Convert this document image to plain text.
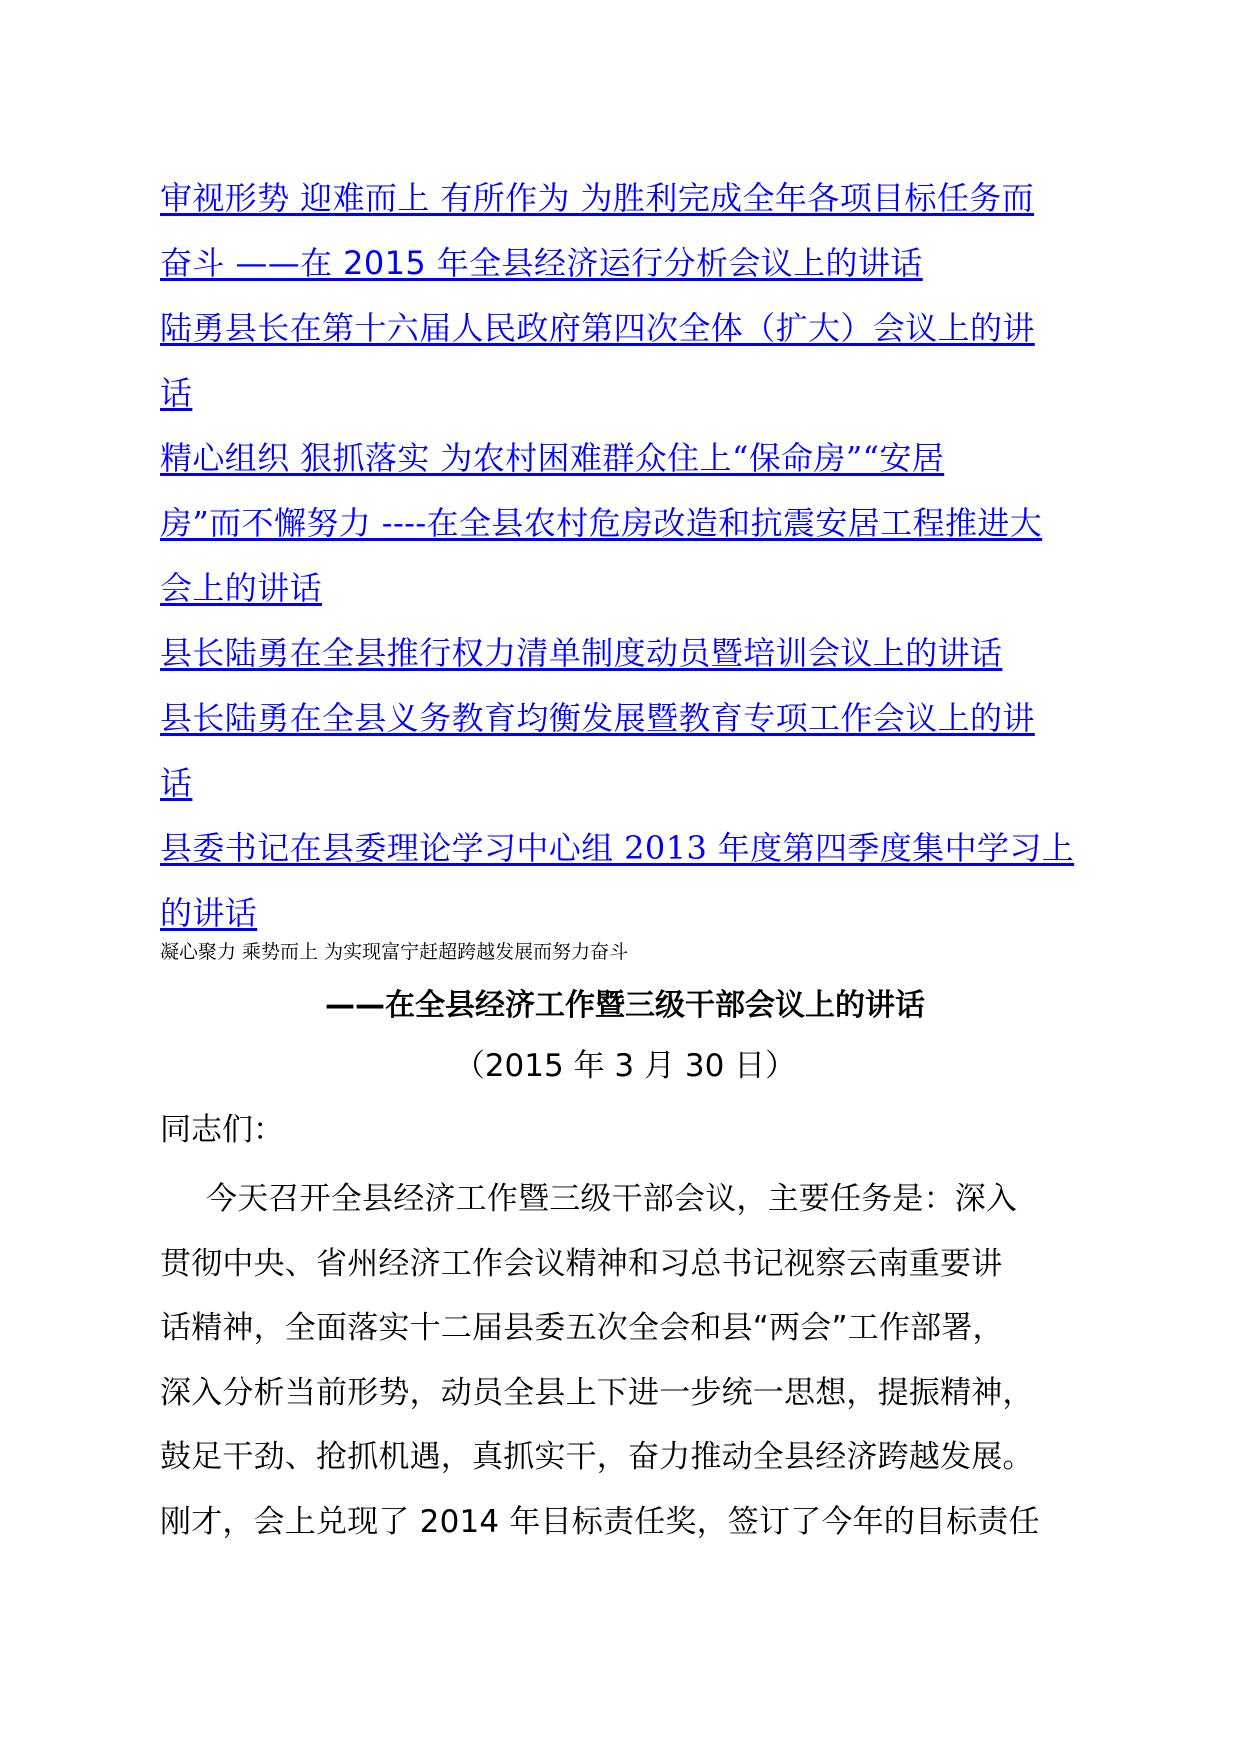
审视形势 迎难而上 有所作为 为胜利完成全年各项目标任务而
奋斗 ——在 2015 年全县经济运行分析会议上的讲话
陆勇县长在第十六届人民政府第四次全体（扩大）会议上的讲
话
精心组织 狠抓落实 为农村困难群众住上“保命房”“安居
房”而不懈努力 ----在全县农村危房改造和抗震安居工程推进大
会上的讲话
县长陆勇在全县推行权力清单制度动员暨培训会议上的讲话
县长陆勇在全县义务教育均衡发展暨教育专项工作会议上的讲
话
县委书记在县委理论学习中心组 2013 年度第四季度集中学习上
的讲话
凝心聚力 乘势而上 为实现富宁赶超跨越发展而努力奋斗
——在全县经济工作暨三级干部会议上的讲话
（2015 年 3 月 30 日）
同志们：
今天召开全县经济工作暨三级干部会议，主要任务是：深入
贯彻中央、省州经济工作会议精神和习总书记视察云南重要讲
话精神，全面落实十二届县委五次全会和县“两会”工作部署，
深入分析当前形势，动员全县上下进一步统一思想，提振精神，
鼓足干劲、抢抓机遇，真抓实干，奋力推动全县经济跨越发展。
刚才，会上兑现了 2014 年目标责任奖，签订了今年的目标责任
